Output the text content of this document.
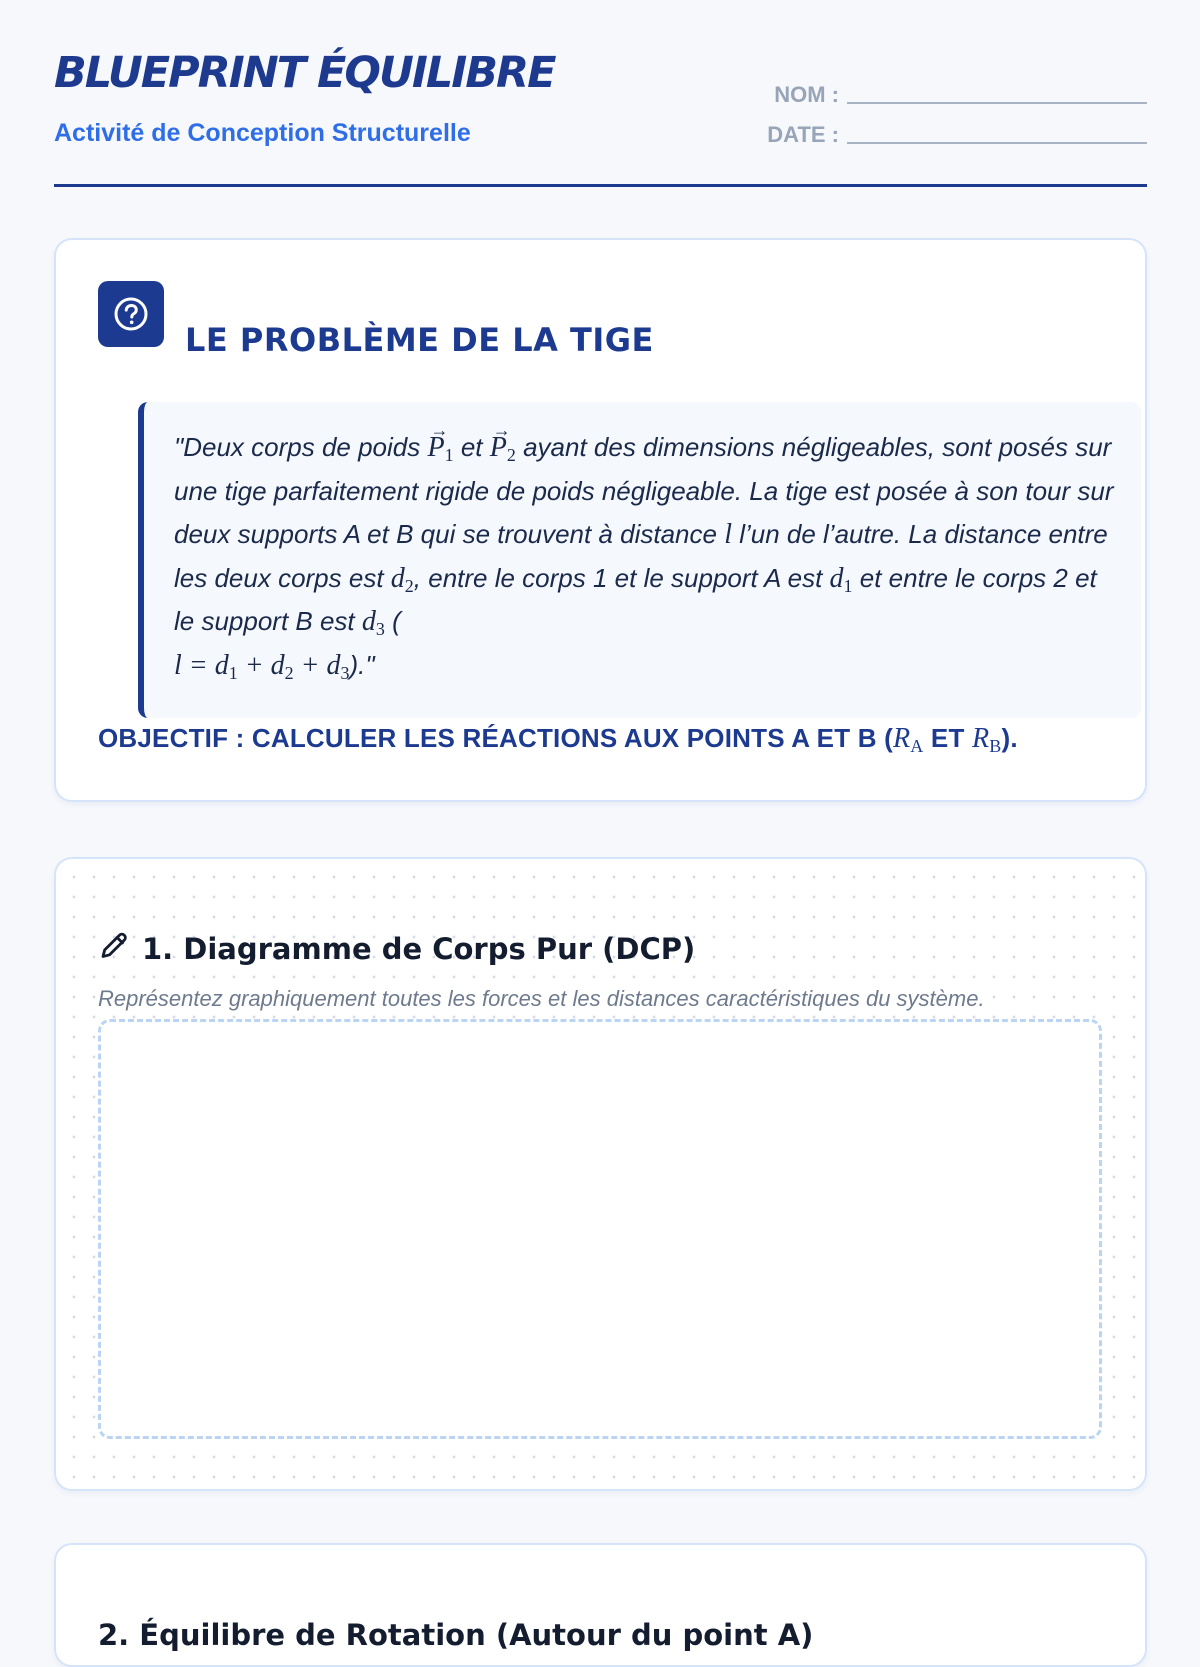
BLUEPRINT ÉQUILIBRE
Activité de Conception Structurelle
NOM :
DATE :
LE PROBLÈME DE LA TIGE
"Deux corps de poids → $P_1$ et → $P_2$ ayant des dimensions négligeables, sont posés sur une tige parfaitement rigide de poids négligeable. La tige est posée à son tour sur deux supports A et B qui se trouvent à distance l l’un de l’autre. La distance entre les deux corps est $d_2$, entre le corps 1 et le support A est $d_1$ et entre le corps 2 et le support B est $d_3$ (
$l = d_1 + d_2 + d_3$)."
OBJECTIF : CALCULER LES RÉACTIONS AUX POINTS A ET B ($R_A$ ET $R_B$).
1. Diagramme de Corps Pur (DCP)

Représentez graphiquement toutes les forces et les distances caractéristiques du système.

2. Équilibre de Rotation (Autour du point A)
